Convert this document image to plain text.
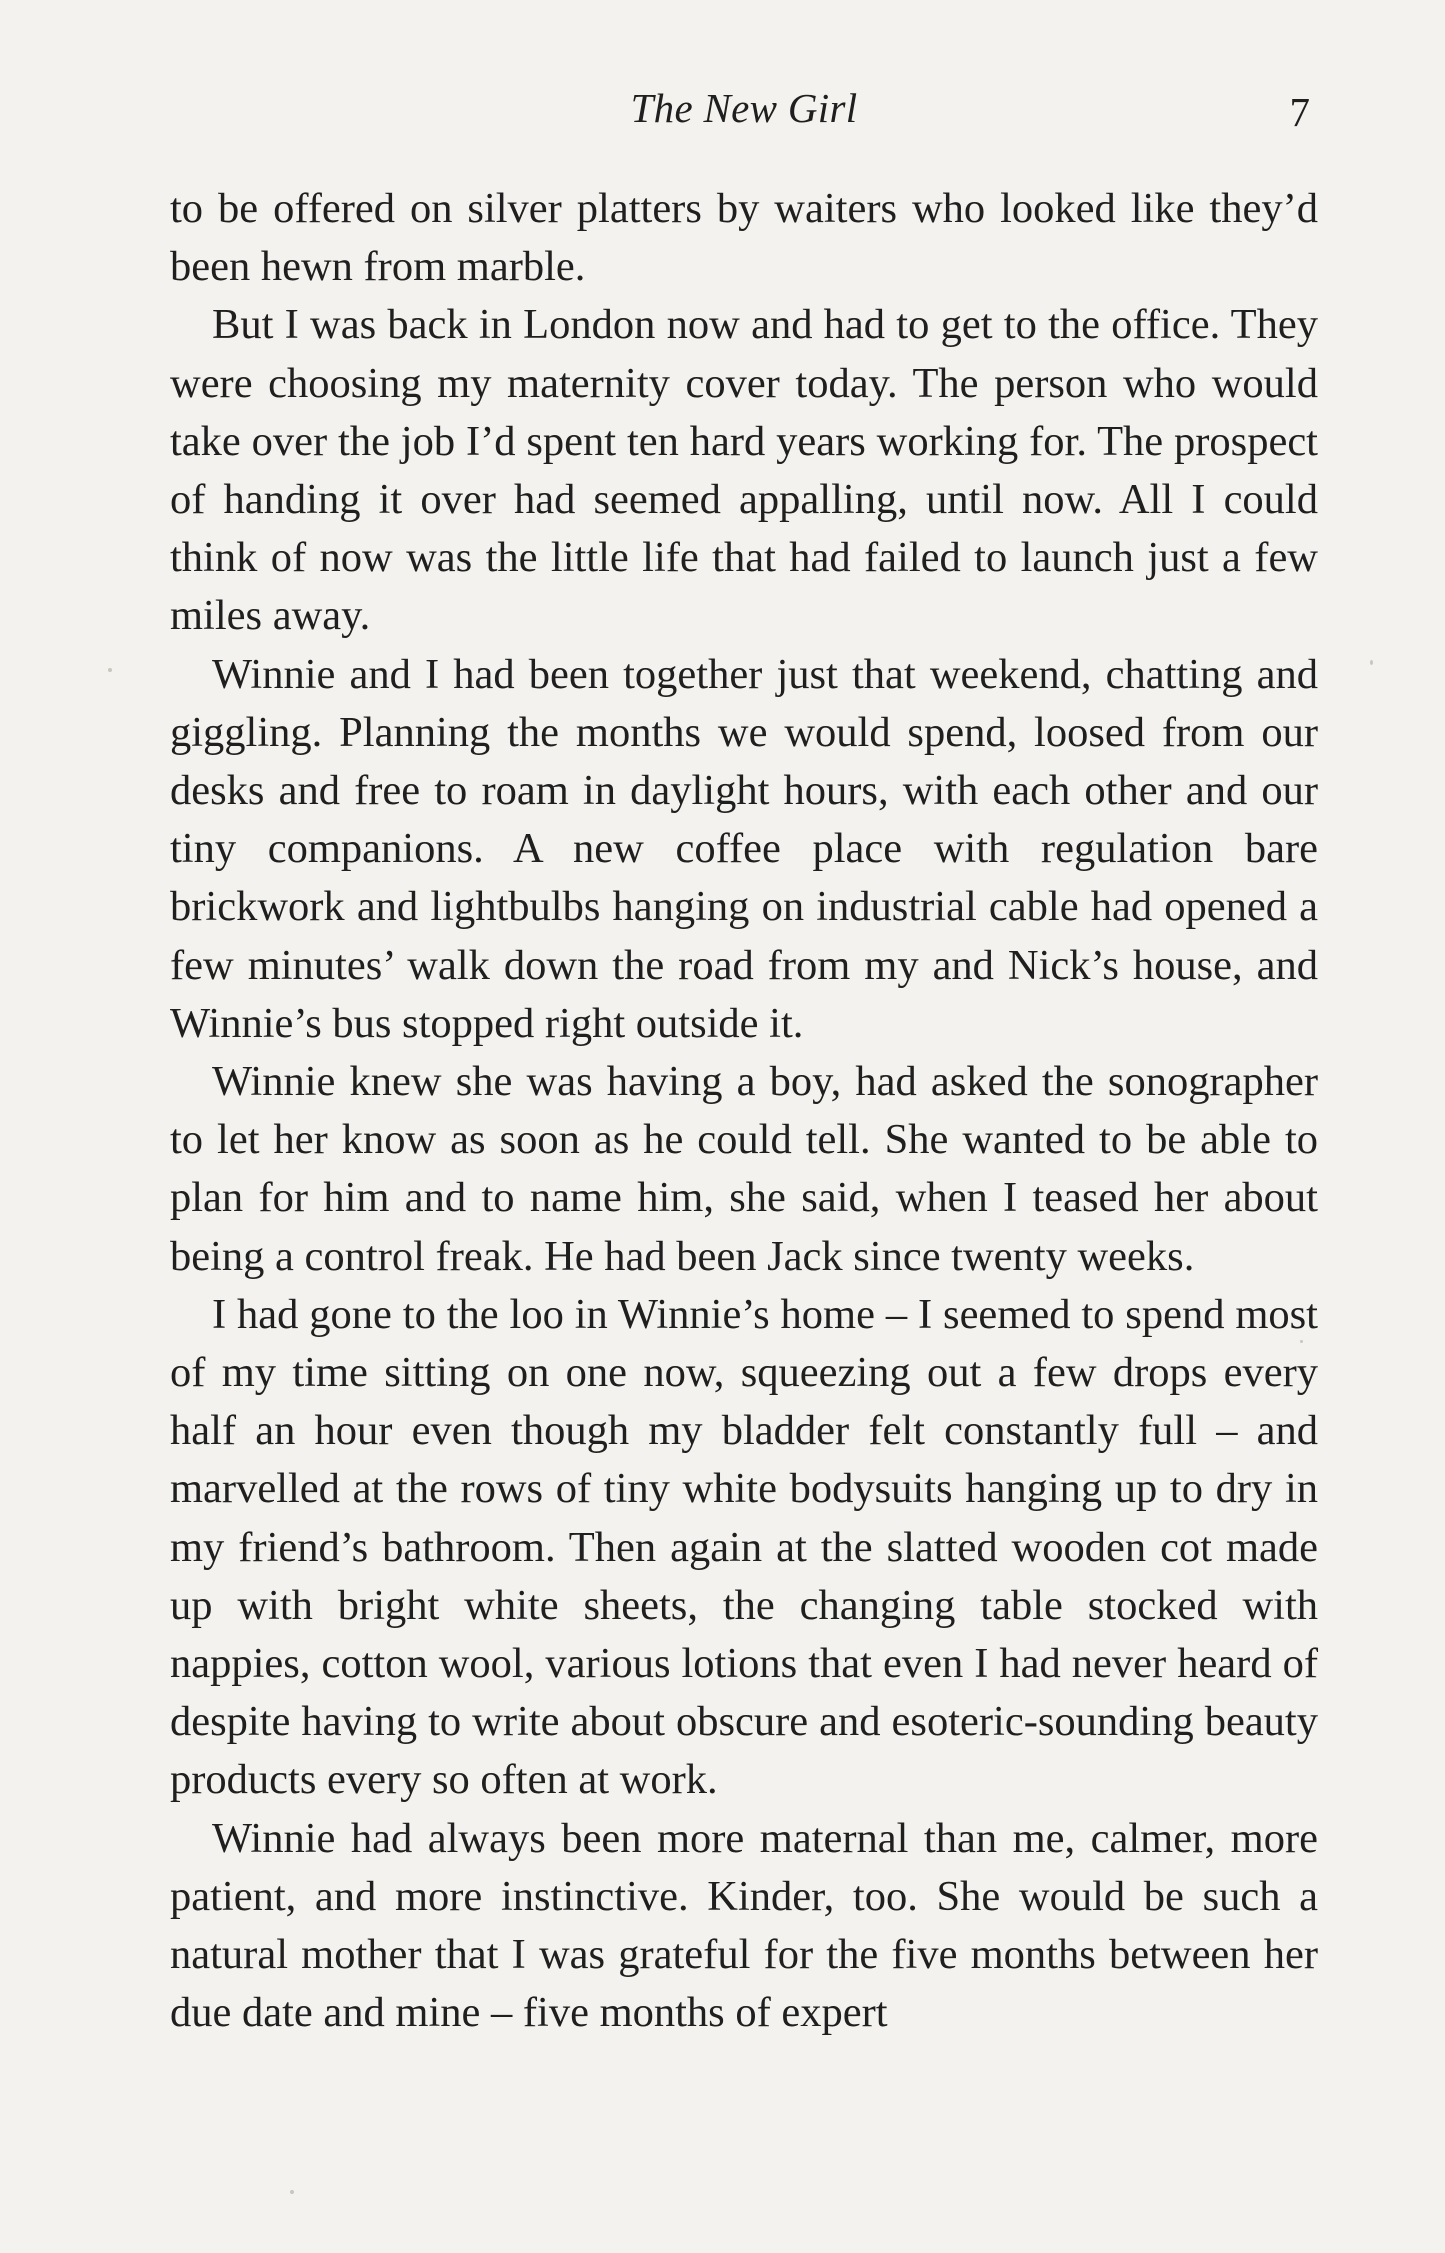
The New Girl	7

to be offered on silver platters by waiters who looked like they’d been hewn from marble.

But I was back in London now and had to get to the office. They were choosing my maternity cover today. The person who would take over the job I’d spent ten hard years working for. The prospect of handing it over had seemed appalling, until now. All I could think of now was the little life that had failed to launch just a few miles away.

Winnie and I had been together just that weekend, chatting and giggling. Planning the months we would spend, loosed from our desks and free to roam in daylight hours, with each other and our tiny companions. A new coffee place with regulation bare brickwork and lightbulbs hanging on industrial cable had opened a few minutes’ walk down the road from my and Nick’s house, and Winnie’s bus stopped right outside it.

Winnie knew she was having a boy, had asked the sonographer to let her know as soon as he could tell. She wanted to be able to plan for him and to name him, she said, when I teased her about being a control freak. He had been Jack since twenty weeks.

I had gone to the loo in Winnie’s home – I seemed to spend most of my time sitting on one now, squeezing out a few drops every half an hour even though my bladder felt constantly full – and marvelled at the rows of tiny white bodysuits hanging up to dry in my friend’s bathroom. Then again at the slatted wooden cot made up with bright white sheets, the changing table stocked with nappies, cotton wool, various lotions that even I had never heard of despite having to write about obscure and esoteric-sounding beauty products every so often at work.

Winnie had always been more maternal than me, calmer, more patient, and more instinctive. Kinder, too. She would be such a natural mother that I was grateful for the five months between her due date and mine – five months of expert
